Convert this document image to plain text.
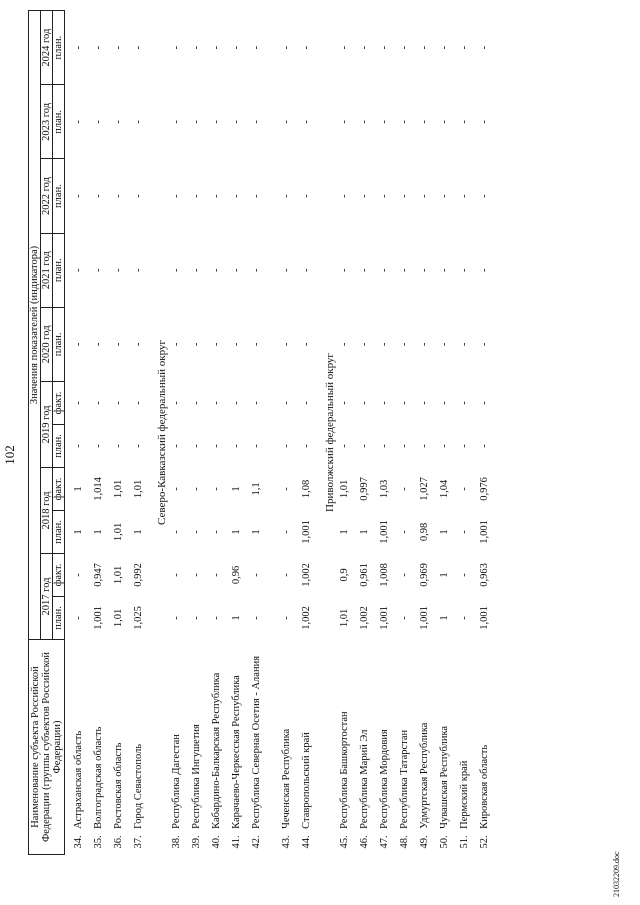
102
Наименование субъекта Российской Федерации (группы субъектов Российской Федерации)		Значения показателей (индикатора)										
		2017 год		2018 год		2019 год		2020 год	2021 год	2022 год	2023 год	2024 год
		план.	факт.	план.	факт.	план.	факт.	план.	план.	план.	план.	план.

34.	Астраханская область	-	-	1	1	-	-	-	-	-	-	-
35.	Волгоградская область	1,001	0,947	1	1,014	-	-	-	-	-	-	-
36.	Ростовская область	1,01	1,01	1,01	1,01	-	-	-	-	-	-	-
37.	Город Севастополь	1,025	0,992	1	1,01	-	-	-	-	-	-	-
Северо-Кавказский федеральный округ												
38.	Республика Дагестан	-	-	-	-	-	-	-	-	-	-	-
39.	Республика Ингушетия	-	-	-	-	-	-	-	-	-	-	-
40.	Кабардино-Балкарская Республика	-	-	-	-	-	-	-	-	-	-	-
41.	Карачаево-Черкесская Республика	1	0,96	1	1	-	-	-	-	-	-	-
42.	Республика Северная Осетия - Алания	-	-	1	1,1	-	-	-	-	-	-	-
43.	Чеченская Республика	-	-	-	-	-	-	-	-	-	-	-
44.	Ставропольский край	1,002	1,002	1,001	1,08	-	-	-	-	-	-	-
Приволжский федеральный округ												
45.	Республика Башкортостан	1,01	0,9	1	1,01	-	-	-	-	-	-	-
46.	Республика Марий Эл	1,002	0,961	1	0,997	-	-	-	-	-	-	-
47.	Республика Мордовия	1,001	1,008	1,001	1,03	-	-	-	-	-	-	-
48.	Республика Татарстан	-	-	-	-	-	-	-	-	-	-	-
49.	Удмуртская Республика	1,001	0,969	0,98	1,027	-	-	-	-	-	-	-
50.	Чувашская Республика	1	1	1	1,04	-	-	-	-	-	-	-
51.	Пермский край	-	-	-	-	-	-	-	-	-	-	-
52.	Кировская область	1,001	0,963	1,001	0,976	-	-	-	-	-	-	-
21032209.doc
